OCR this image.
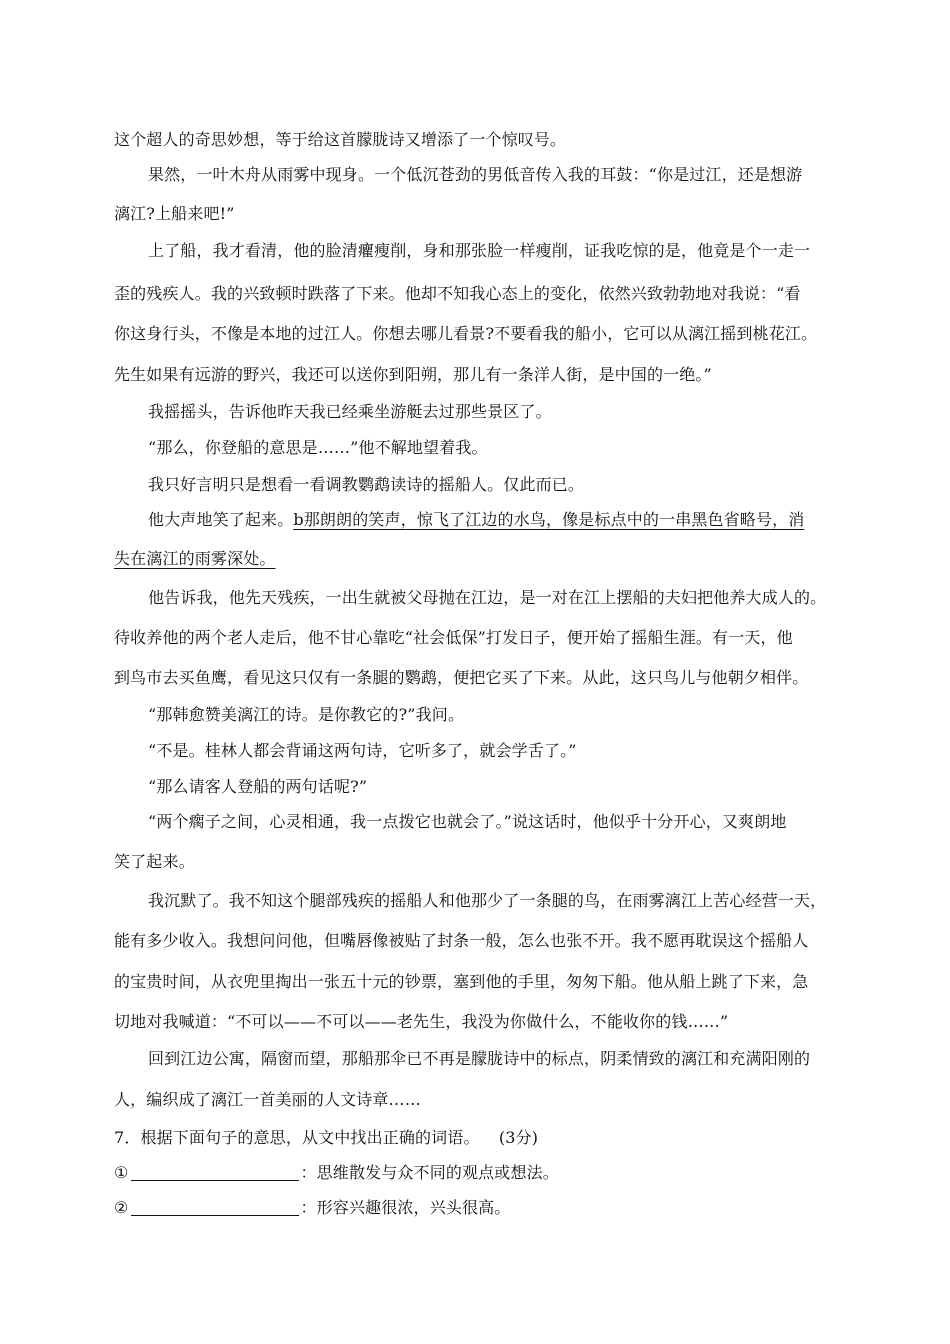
这个超人的奇思妙想，等于给这首朦胧诗又增添了一个惊叹号。
果然，一叶木舟从雨雾中现身。一个低沉苍劲的男低音传入我的耳鼓：“你是过江，还是想游
漓江?上船来吧!”
上了船，我才看清，他的脸清癯瘦削，身和那张脸一样瘦削，证我吃惊的是，他竟是个一走一
歪的残疾人。我的兴致顿时跌落了下来。他却不知我心态上的变化，依然兴致勃勃地对我说：“看
你这身行头，不像是本地的过江人。你想去哪儿看景?不要看我的船小，它可以从漓江摇到桃花江。
先生如果有远游的野兴，我还可以送你到阳朔，那儿有一条洋人街，是中国的一绝。”
我摇摇头，告诉他昨天我已经乘坐游艇去过那些景区了。
“那么，你登船的意思是……”他不解地望着我。
我只好言明只是想看一看调教鹦鹉读诗的摇船人。仅此而已。
他大声地笑了起来。b那朗朗的笑声，惊飞了江边的水鸟，像是标点中的一串黑色省略号，消
失在漓江的雨雾深处。
他告诉我，他先天残疾，一出生就被父母抛在江边，是一对在江上摆船的夫妇把他养大成人的。
待收养他的两个老人走后，他不甘心靠吃“社会低保”打发日子，便开始了摇船生涯。有一天，他
到鸟市去买鱼鹰，看见这只仅有一条腿的鹦鹉，便把它买了下来。从此，这只鸟儿与他朝夕相伴。
“那韩愈赞美漓江的诗。是你教它的?”我问。
“不是。桂林人都会背诵这两句诗，它听多了，就会学舌了。”
“那么请客人登船的两句话呢?”
“两个瘸子之间，心灵相通，我一点拨它也就会了。”说这话时，他似乎十分开心，又爽朗地
笑了起来。
我沉默了。我不知这个腿部残疾的摇船人和他那少了一条腿的鸟，在雨雾漓江上苦心经营一天，
能有多少收入。我想问问他，但嘴唇像被贴了封条一般，怎么也张不开。我不愿再耽误这个摇船人
的宝贵时间，从衣兜里掏出一张五十元的钞票，塞到他的手里，匆匆下船。他从船上跳了下来，急
切地对我喊道：“不可以——不可以——老先生，我没为你做什么，不能收你的钱……”
回到江边公寓，隔窗而望，那船那伞已不再是朦胧诗中的标点，阴柔情致的漓江和充满阳刚的
人，编织成了漓江一首美丽的人文诗章……
7．根据下面句子的意思，从文中找出正确的词语。 (3分)
①	：思维散发与众不同的观点或想法。
②	：形容兴趣很浓，兴头很高。
